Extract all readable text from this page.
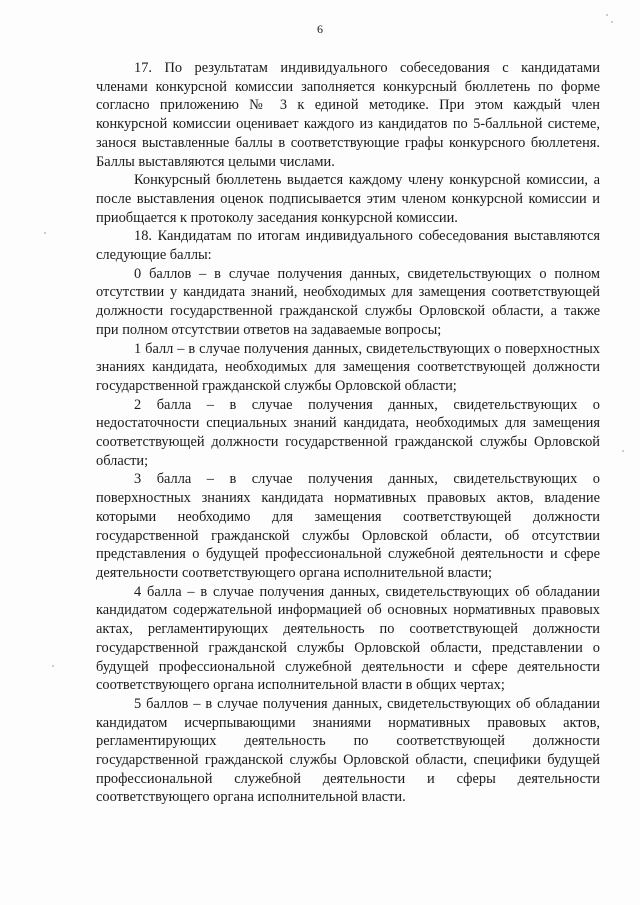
6

17. По результатам индивидуального собеседования с кандидатами членами конкурсной комиссии заполняется конкурсный бюллетень по форме согласно приложению № 3 к единой методике. При этом каждый член конкурсной комиссии оценивает каждого из кандидатов по 5-балльной системе, занося выставленные баллы в соответствующие графы конкурсного бюллетеня. Баллы выставляются целыми числами.

Конкурсный бюллетень выдается каждому члену конкурсной комиссии, а после выставления оценок подписывается этим членом конкурсной комиссии и приобщается к протоколу заседания конкурсной комиссии.

18. Кандидатам по итогам индивидуального собеседования выставляются следующие баллы:

0 баллов – в случае получения данных, свидетельствующих о полном отсутствии у кандидата знаний, необходимых для замещения соответствующей должности государственной гражданской службы Орловской области, а также при полном отсутствии ответов на задаваемые вопросы;

1 балл – в случае получения данных, свидетельствующих о поверхностных знаниях кандидата, необходимых для замещения соответствующей должности государственной гражданской службы Орловской области;

2 балла – в случае получения данных, свидетельствующих о недостаточности специальных знаний кандидата, необходимых для замещения соответствующей должности государственной гражданской службы Орловской области;

3 балла – в случае получения данных, свидетельствующих о поверхностных знаниях кандидата нормативных правовых актов, владение которыми необходимо для замещения соответствующей должности государственной гражданской службы Орловской области, об отсутствии представления о будущей профессиональной служебной деятельности и сфере деятельности соответствующего органа исполнительной власти;

4 балла – в случае получения данных, свидетельствующих об обладании кандидатом содержательной информацией об основных нормативных правовых актах, регламентирующих деятельность по соответствующей должности государственной гражданской службы Орловской области, представлении о будущей профессиональной служебной деятельности и сфере деятельности соответствующего органа исполнительной власти в общих чертах;

5 баллов – в случае получения данных, свидетельствующих об обладании кандидатом исчерпывающими знаниями нормативных правовых актов, регламентирующих деятельность по соответствующей должности государственной гражданской службы Орловской области, специфики будущей профессиональной служебной деятельности и сферы деятельности соответствующего органа исполнительной власти.
